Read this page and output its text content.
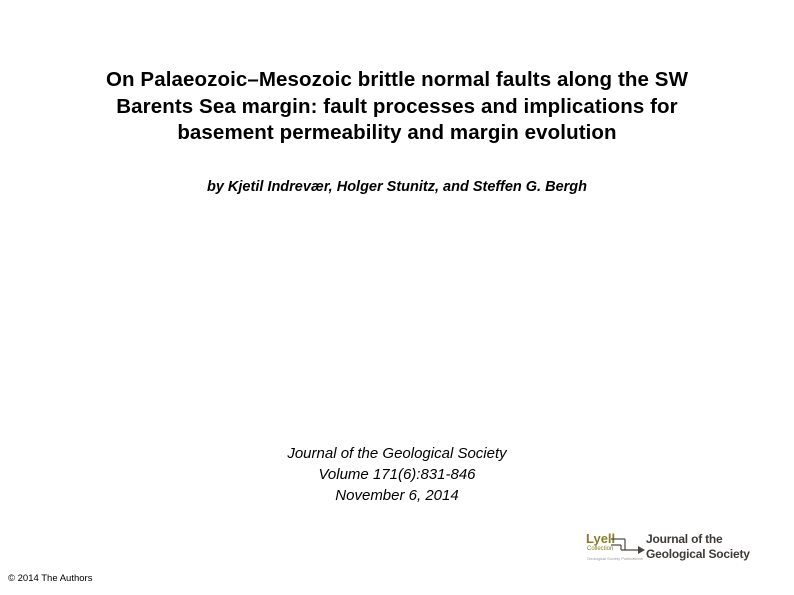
On Palaeozoic–Mesozoic brittle normal faults along the SW
Barents Sea margin: fault processes and implications for
basement permeability and margin evolution
by Kjetil Indrevær, Holger Stunitz, and Steffen G. Bergh
Journal of the Geological Society
Volume 171(6):831-846
November 6, 2014
© 2014 The Authors
Lyell
Collection
Geological Society Publications
Journal of the
Geological Society
